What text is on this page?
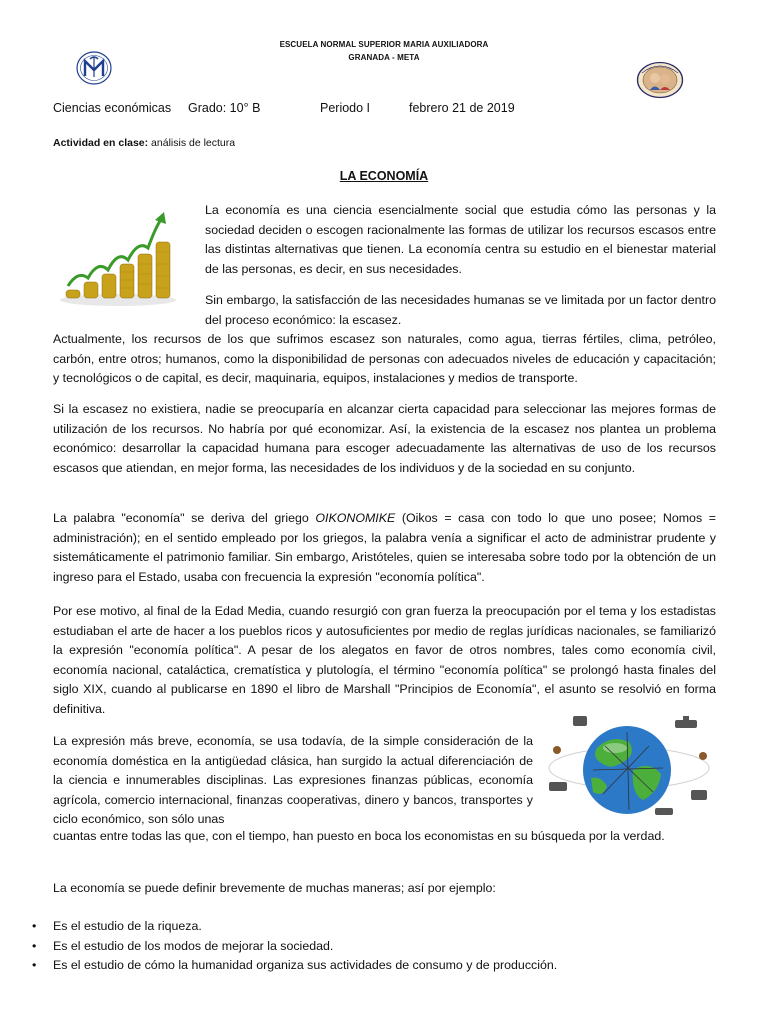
ESCUELA NORMAL SUPERIOR MARIA AUXILIADORA
GRANADA - META
Ciencias económicas Grado: 10° B	Periodo I	febrero 21 de 2019
Actividad en clase: análisis de lectura
LA ECONOMÍA

La economía es una ciencia esencialmente social que estudia cómo las personas y la sociedad deciden o escogen racionalmente las formas de utilizar los recursos escasos entre las distintas alternativas que tienen. La economía centra su estudio en el bienestar material de las personas, es decir, en sus necesidades.

Sin embargo, la satisfacción de las necesidades humanas se ve limitada por un factor dentro del proceso económico: la escasez.

Actualmente, los recursos de los que sufrimos escasez son naturales, como agua, tierras fértiles, clima, petróleo, carbón, entre otros; humanos, como la disponibilidad de personas con adecuados niveles de educación y capacitación; y tecnológicos o de capital, es decir, maquinaria, equipos, instalaciones y medios de transporte.

Si la escasez no existiera, nadie se preocuparía en alcanzar cierta capacidad para seleccionar las mejores formas de utilización de los recursos. No habría por qué economizar. Así, la existencia de la escasez nos plantea un problema económico: desarrollar la capacidad humana para escoger adecuadamente las alternativas de uso de los recursos escasos que atiendan, en mejor forma, las necesidades de los individuos y de la sociedad en su conjunto.

La palabra "economía" se deriva del griego OIKONOMIKE (Oikos = casa con todo lo que uno posee; Nomos = administración); en el sentido empleado por los griegos, la palabra venía a significar el acto de administrar prudente y sistemáticamente el patrimonio familiar. Sin embargo, Aristóteles, quien se interesaba sobre todo por la obtención de un ingreso para el Estado, usaba con frecuencia la expresión "economía política".

Por ese motivo, al final de la Edad Media, cuando resurgió con gran fuerza la preocupación por el tema y los estadistas estudiaban el arte de hacer a los pueblos ricos y autosuficientes por medio de reglas jurídicas nacionales, se familiarizó la expresión "economía política". A pesar de los alegatos en favor de otros nombres, tales como economía civil, economía nacional, cataláctica, crematística y plutología, el término "economía política" se prolongó hasta finales del siglo XIX, cuando al publicarse en 1890 el libro de Marshall "Principios de Economía", el asunto se resolvió en forma definitiva.

La expresión más breve, economía, se usa todavía, de la simple consideración de la economía doméstica en la antigüedad clásica, han surgido la actual diferenciación de la ciencia e innumerables disciplinas. Las expresiones finanzas públicas, economía agrícola, comercio internacional, finanzas cooperativas, dinero y bancos, transportes y ciclo económico, son sólo unas

cuantas entre todas las que, con el tiempo, han puesto en boca los economistas en su búsqueda por la verdad.

La economía se puede definir brevemente de muchas maneras; así por ejemplo:

• Es el estudio de la riqueza.
• Es el estudio de los modos de mejorar la sociedad.
• Es el estudio de cómo la humanidad organiza sus actividades de consumo y de producción.
